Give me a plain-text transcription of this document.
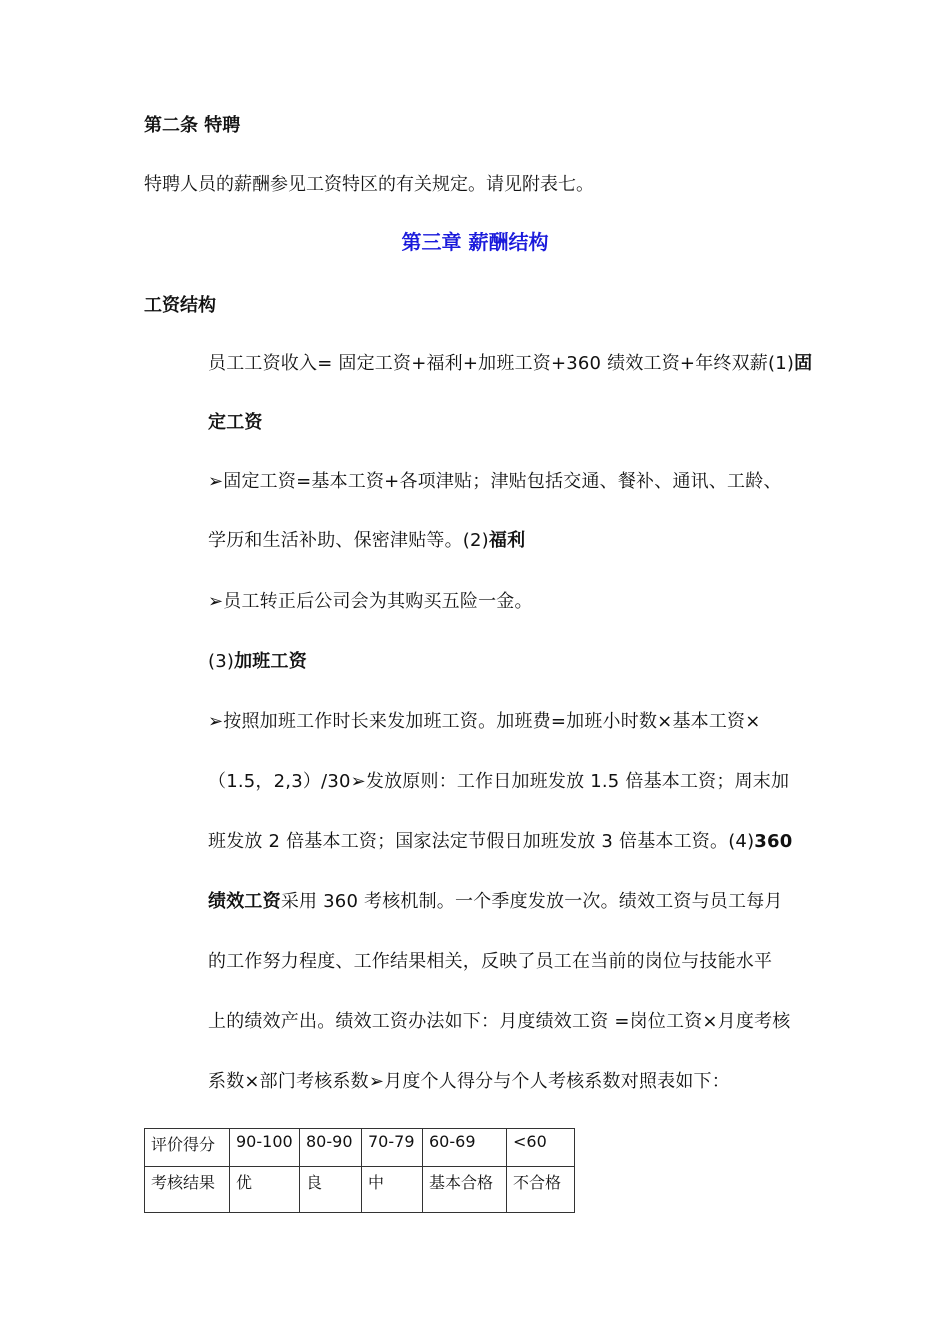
第二条 特聘
特聘人员的薪酬参见工资特区的有关规定。请见附表七。
第三章 薪酬结构
工资结构
员工工资收入= 固定工资+福利+加班工资+360 绩效工资+年终双薪(1)固
定工资
➢固定工资=基本工资+各项津贴；津贴包括交通、餐补、通讯、工龄、
学历和生活补助、保密津贴等。(2)福利
➢员工转正后公司会为其购买五险一金。
(3)加班工资
➢按照加班工作时长来发加班工资。加班费=加班小时数×基本工资×
（1.5，2,3）/30➢发放原则：工作日加班发放 1.5 倍基本工资；周末加
班发放 2 倍基本工资；国家法定节假日加班发放 3 倍基本工资。(4)360
绩效工资采用 360 考核机制。一个季度发放一次。绩效工资与员工每月
的工作努力程度、工作结果相关，反映了员工在当前的岗位与技能水平
上的绩效产出。绩效工资办法如下：月度绩效工资 =岗位工资×月度考核
系数×部门考核系数➢月度个人得分与个人考核系数对照表如下：
评价得分	90-100	80-90	70-79	60-69	<60
考核结果	优	良	中	基本合格	不合格
